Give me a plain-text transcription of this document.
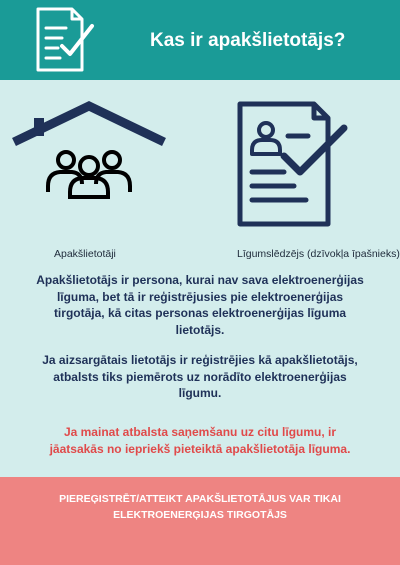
Kas ir apakšlietotājs?
Apakšlietotāji	Līgumslēdzējs (dzīvokļa īpašnieks)
Apakšlietotājs ir persona, kurai nav sava elektroenerģijas līguma, bet tā ir reģistrējusies pie elektroenerģijas tirgotāja, kā citas personas elektroenerģijas līguma lietotājs.
Ja aizsargātais lietotājs ir reģistrējies kā apakšlietotājs, atbalsts tiks piemērots uz norādīto elektroenerģijas līgumu.
Ja mainat atbalsta saņemšanu uz citu līgumu, ir jāatsakās no iepriekš pieteiktā apakšlietotāja līguma.
PIEREĢISTRĒT/ATTEIKT APAKŠLIETOTĀJUS VAR TIKAI ELEKTROENERĢIJAS TIRGOTĀJS
